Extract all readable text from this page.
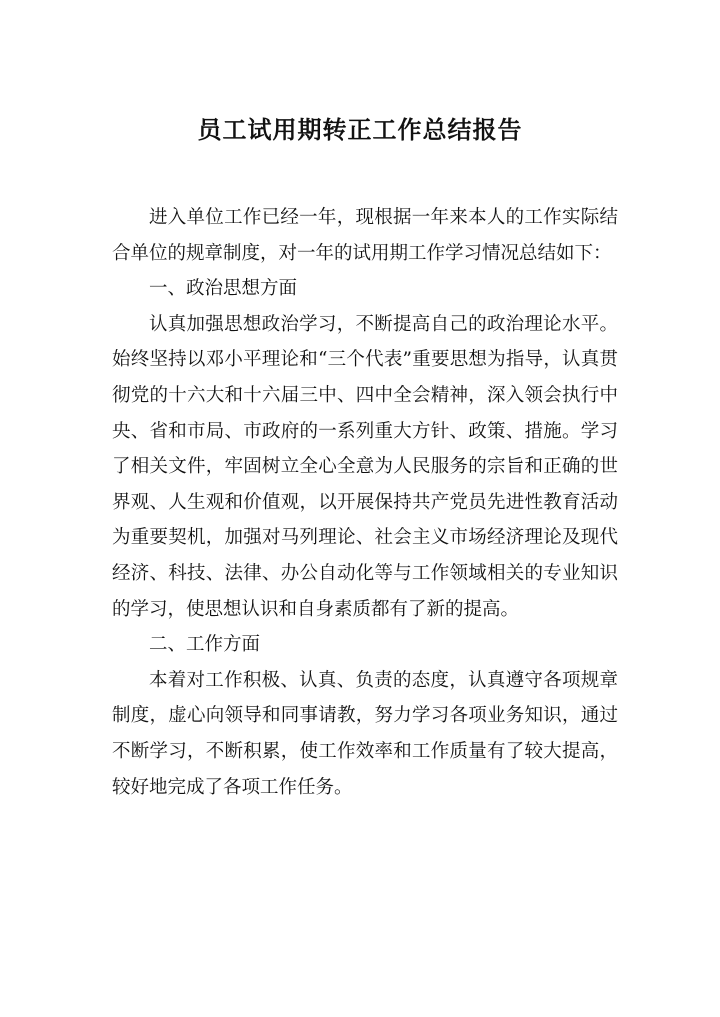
员工试用期转正工作总结报告

进入单位工作已经一年，现根据一年来本人的工作实际结合单位的规章制度，对一年的试用期工作学习情况总结如下：

一、政治思想方面

认真加强思想政治学习，不断提高自己的政治理论水平。始终坚持以邓小平理论和“三个代表”重要思想为指导，认真贯彻党的十六大和十六届三中、四中全会精神，深入领会执行中央、省和市局、市政府的一系列重大方针、政策、措施。学习了相关文件，牢固树立全心全意为人民服务的宗旨和正确的世界观、人生观和价值观，以开展保持共产党员先进性教育活动为重要契机，加强对马列理论、社会主义市场经济理论及现代经济、科技、法律、办公自动化等与工作领域相关的专业知识的学习，使思想认识和自身素质都有了新的提高。

二、工作方面

本着对工作积极、认真、负责的态度，认真遵守各项规章制度，虚心向领导和同事请教，努力学习各项业务知识，通过不断学习，不断积累，使工作效率和工作质量有了较大提高，较好地完成了各项工作任务。
